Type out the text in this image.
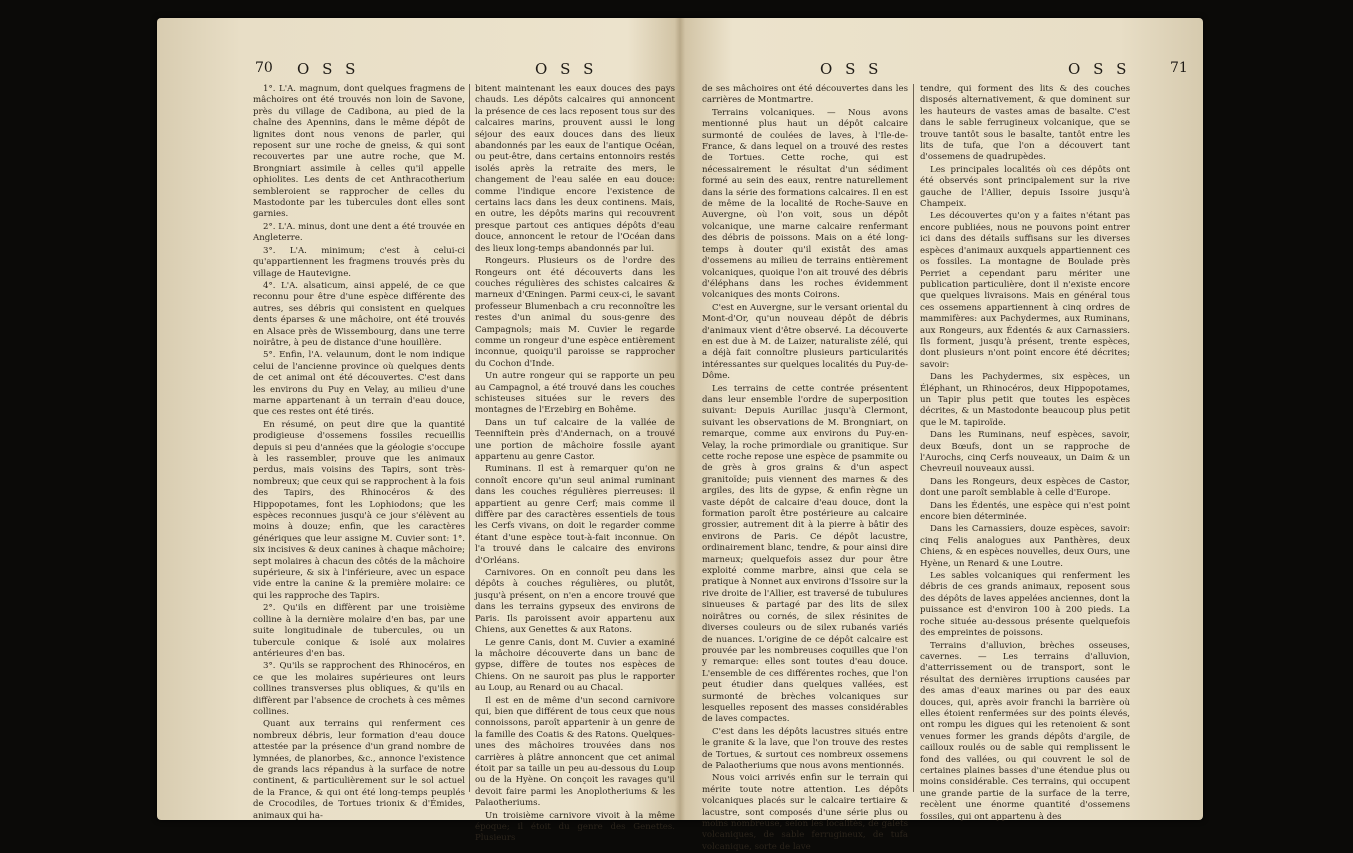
70 O S S	O S S

1°. L'A. magnum, dont quelques fragmens de mâchoires ont été trouvés non loin de Savone, près du village de Cadibona, au pied de la chaîne des Apennins, dans le même dépôt de lignites dont nous venons de parler, qui reposent sur une roche de gneiss, & qui sont recouvertes par une autre roche, que M. Brongniart assimile à celles qu'il appelle ophiolites. Les dents de cet Anthracotherium sembleroient se rapprocher de celles du Mastodonte par les tubercules dont elles sont garnies.

2°. L'A. minus, dont une dent a été trouvée en Angleterre.

3°. L'A. minimum; c'est à celui-ci qu'appartiennent les fragmens trouvés près du village de Hautevigne.

4°. L'A. alsaticum, ainsi appelé, de ce que reconnu pour être d'une espèce différente des autres, ses débris qui consistent en quelques dents éparses & une mâchoire, ont été trouvés en Alsace près de Wissembourg, dans une terre noirâtre, à peu de distance d'une houillère.

5°. Enfin, l'A. velaunum, dont le nom indique celui de l'ancienne province où quelques dents de cet animal ont été découvertes. C'est dans les environs du Puy en Velay, au milieu d'une marne appartenant à un terrain d'eau douce, que ces restes ont été tirés.

En résumé, on peut dire que la quantité prodigieuse d'ossemens fossiles recueillis depuis si peu d'années que la géologie s'occupe à les rassembler, prouve que les animaux perdus, mais voisins des Tapirs, sont très-nombreux; que ceux qui se rapprochent à la fois des Tapirs, des Rhinocéros & des Hippopotames, font les Lophiodons; que les espèces reconnues jusqu'à ce jour s'élèvent au moins à douze; enfin, que les caractères génériques que leur assigne M. Cuvier sont: 1°. six incisives & deux canines à chaque mâchoire; sept molaires à chacun des côtés de la mâchoire supérieure, & six à l'inférieure, avec un espace vide entre la canine & la première molaire: ce qui les rapproche des Tapirs.

2°. Qu'ils en diffèrent par une troisième colline à la dernière molaire d'en bas, par une suite longitudinale de tubercules, ou un tubercule conique & isolé aux molaires antérieures d'en bas.

3°. Qu'ils se rapprochent des Rhinocéros, en ce que les molaires supérieures ont leurs collines transverses plus obliques, & qu'ils en diffèrent par l'absence de crochets à ces mêmes collines.

Quant aux terrains qui renferment ces nombreux débris, leur formation d'eau douce attestée par la présence d'un grand nombre de lymnées, de planorbes, &c., annonce l'existence de grands lacs répandus à la surface de notre continent, & particulièrement sur le sol actuel de la France, & qui ont été long-temps peuplés de Crocodiles, de Tortues trionix & d'Émides, animaux qui ha-

bitent maintenant les eaux douces des pays chauds. Les dépôts calcaires qui annoncent la présence de ces lacs reposent tous sur des calcaires marins, prouvent aussi le long séjour des eaux douces dans des lieux abandonnés par les eaux de l'antique Océan, ou peut-être, dans certains entonnoirs restés isolés après la retraite des mers, le changement de l'eau salée en eau douce: comme l'indique encore l'existence de certains lacs dans les deux continens. Mais, en outre, les dépôts marins qui recouvrent presque partout ces antiques dépôts d'eau douce, annoncent le retour de l'Océan dans des lieux long-temps abandonnés par lui.

Rongeurs. Plusieurs os de l'ordre des Rongeurs ont été découverts dans les couches régulières des schistes calcaires & marneux d'Œningen. Parmi ceux-ci, le savant professeur Blumenbach a cru reconnoître les restes d'un animal du sous-genre des Campagnols; mais M. Cuvier le regarde comme un rongeur d'une espèce entièrement inconnue, quoiqu'il paroisse se rapprocher du Cochon d'Inde.

Un autre rongeur qui se rapporte un peu au Campagnol, a été trouvé dans les couches schisteuses situées sur le revers des montagnes de l'Erzebirg en Bohême.

Dans un tuf calcaire de la vallée de Teenniftein près d'Andernach, on a trouvé une portion de mâchoire fossile ayant appartenu au genre Castor.

Ruminans. Il est à remarquer qu'on ne connoît encore qu'un seul animal ruminant dans les couches régulières pierreuses: il appartient au genre Cerf; mais comme il diffère par des caractères essentiels de tous les Cerfs vivans, on doit le regarder comme étant d'une espèce tout-à-fait inconnue. On l'a trouvé dans le calcaire des environs d'Orléans.

Carnivores. On en connoît peu dans les dépôts à couches régulières, ou plutôt, jusqu'à présent, on n'en a encore trouvé que dans les terrains gypseux des environs de Paris. Ils paroissent avoir appartenu aux Chiens, aux Genettes & aux Ratons.

Le genre Canis, dont M. Cuvier a examiné la mâchoire découverte dans un banc de gypse, diffère de toutes nos espèces de Chiens. On ne sauroit pas plus le rapporter au Loup, au Renard ou au Chacal.

Il est en de même d'un second carnivore qui, bien que différent de tous ceux que nous connoissons, paroît appartenir à un genre de la famille des Coatis & des Ratons. Quelques-unes des mâchoires trouvées dans nos carrières à plâtre annoncent que cet animal étoit par sa taille un peu au-dessous du Loup ou de la Hyène. On conçoit les ravages qu'il devoit faire parmi les Anoplotheriums & les Palaotheriums.

Un troisième carnivore vivoit à la même époque; il étoit du genre des Genettes. Plusieurs

O S S	O S S	71

de ses mâchoires ont été découvertes dans les carrières de Montmartre.

Terrains volcaniques. — Nous avons mentionné plus haut un dépôt calcaire surmonté de coulées de laves, à l'Ile-de-France, & dans lequel on a trouvé des restes de Tortues. Cette roche, qui est nécessairement le résultat d'un sédiment formé au sein des eaux, rentre naturellement dans la série des formations calcaires. Il en est de même de la localité de Roche-Sauve en Auvergne, où l'on voit, sous un dépôt volcanique, une marne calcaire renfermant des débris de poissons. Mais on a été long-temps à douter qu'il existât des amas d'ossemens au milieu de terrains entièrement volcaniques, quoique l'on ait trouvé des débris d'éléphans dans les roches évidemment volcaniques des monts Coirons.

C'est en Auvergne, sur le versant oriental du Mont-d'Or, qu'un nouveau dépôt de débris d'animaux vient d'être observé. La découverte en est due à M. de Laizer, naturaliste zélé, qui a déjà fait connoître plusieurs particularités intéressantes sur quelques localités du Puy-de-Dôme.

Les terrains de cette contrée présentent dans leur ensemble l'ordre de superposition suivant: Depuis Aurillac jusqu'à Clermont, suivant les observations de M. Brongniart, on remarque, comme aux environs du Puy-en-Velay, la roche primordiale ou granitique. Sur cette roche repose une espèce de psammite ou de grès à gros grains & d'un aspect granitoïde; puis viennent des marnes & des argiles, des lits de gypse, & enfin règne un vaste dépôt de calcaire d'eau douce, dont la formation paroît être postérieure au calcaire grossier, autrement dit à la pierre à bâtir des environs de Paris. Ce dépôt lacustre, ordinairement blanc, tendre, & pour ainsi dire marneux; quelquefois assez dur pour être exploité comme marbre, ainsi que cela se pratique à Nonnet aux environs d'Issoire sur la rive droite de l'Allier, est traversé de tubulures sinueuses & partagé par des lits de silex noirâtres ou cornés, de silex résinites de diverses couleurs ou de silex rubanés variés de nuances. L'origine de ce dépôt calcaire est prouvée par les nombreuses coquilles que l'on y remarque: elles sont toutes d'eau douce. L'ensemble de ces différentes roches, que l'on peut étudier dans quelques vallées, est surmonté de brèches volcaniques sur lesquelles reposent des masses considérables de laves compactes.

C'est dans les dépôts lacustres situés entre le granite & la lave, que l'on trouve des restes de Tortues, & surtout ces nombreux ossemens de Palaotheriums que nous avons mentionnés.

Nous voici arrivés enfin sur le terrain qui mérite toute notre attention. Les dépôts volcaniques placés sur le calcaire tertiaire & lacustre, sont composés d'une série plus ou moins nombreuse, selon les localités, de galets volcaniques, de sable ferrugineux, de tufa volcanique, sorte de lave

tendre, qui forment des lits & des couches disposés alternativement, & que dominent sur les hauteurs de vastes amas de basalte. C'est dans le sable ferrugineux volcanique, que se trouve tantôt sous le basalte, tantôt entre les lits de tufa, que l'on a découvert tant d'ossemens de quadrupèdes.

Les principales localités où ces dépôts ont été observés sont principalement sur la rive gauche de l'Allier, depuis Issoire jusqu'à Champeix.

Les découvertes qu'on y a faites n'étant pas encore publiées, nous ne pouvons point entrer ici dans des détails suffisans sur les diverses espèces d'animaux auxquels appartiennent ces os fossiles. La montagne de Boulade près Perriet a cependant paru mériter une publication particulière, dont il n'existe encore que quelques livraisons. Mais en général tous ces ossemens appartiennent à cinq ordres de mammifères: aux Pachydermes, aux Ruminans, aux Rongeurs, aux Édentés & aux Carnassiers. Ils forment, jusqu'à présent, trente espèces, dont plusieurs n'ont point encore été décrites; savoir:

Dans les Pachydermes, six espèces, un Éléphant, un Rhinocéros, deux Hippopotames, un Tapir plus petit que toutes les espèces décrites, & un Mastodonte beaucoup plus petit que le M. tapiroïde.

Dans les Ruminans, neuf espèces, savoir, deux Bœufs, dont un se rapproche de l'Aurochs, cinq Cerfs nouveaux, un Daim & un Chevreuil nouveaux aussi.

Dans les Rongeurs, deux espèces de Castor, dont une paroît semblable à celle d'Europe.

Dans les Édentés, une espèce qui n'est point encore bien déterminée.

Dans les Carnassiers, douze espèces, savoir: cinq Felis analogues aux Panthères, deux Chiens, & en espèces nouvelles, deux Ours, une Hyène, un Renard & une Loutre.

Les sables volcaniques qui renferment les débris de ces grands animaux, reposent sous des dépôts de laves appelées anciennes, dont la puissance est d'environ 100 à 200 pieds. La roche située au-dessous présente quelquefois des empreintes de poissons.

Terrains d'alluvion, brèches osseuses, cavernes. — Les terrains d'alluvion, d'atterrissement ou de transport, sont le résultat des dernières irruptions causées par des amas d'eaux marines ou par des eaux douces, qui, après avoir franchi la barrière où elles étoient renfermées sur des points élevés, ont rompu les digues qui les retenoient & sont venues former les grands dépôts d'argile, de cailloux roulés ou de sable qui remplissent le fond des vallées, ou qui couvrent le sol de certaines plaines basses d'une étendue plus ou moins considérable. Ces terrains, qui occupent une grande partie de la surface de la terre, recèlent une énorme quantité d'ossemens fossiles, qui ont appartenu à des
